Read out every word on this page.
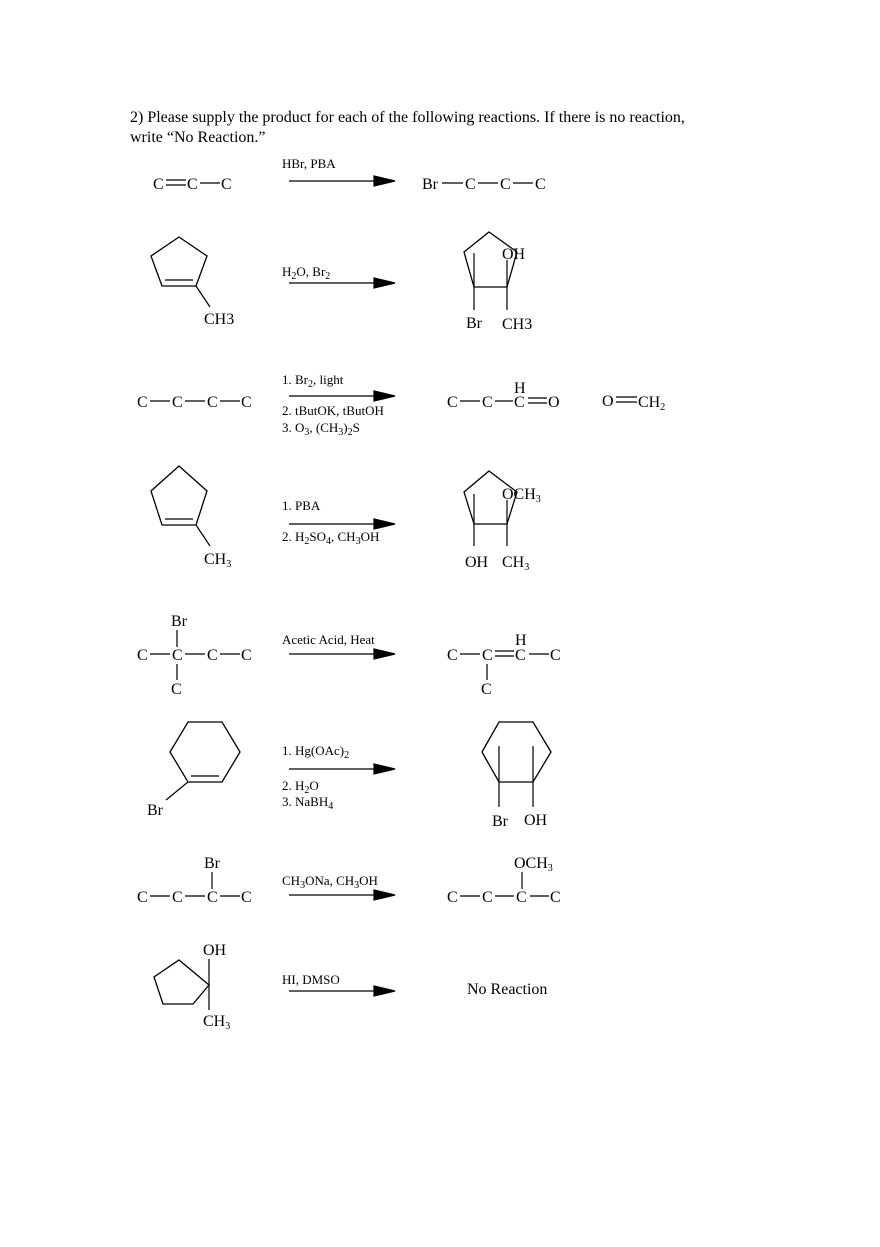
2) Please supply the product for each of the following reactions. If there is no reaction,
write “No Reaction.”
C C C
HBr, PBA
Br C C C
CH3
$H_2O$, $Br_2$
OH
Br CH3
C C C C
1. $Br_2$, light
2. tButOK, tButOH
3. $O_3$, $(CH_3)_2S$
C C
H
C O	O CH2
CH3
1. PBA
2. $H_2SO_4$, $CH_3OH$
OCH3
OH CH3
Br
C C C C
C
Acetic Acid, Heat
C C
H
C C
C
Br
1. $Hg(OAc)_2$
2. $H_2O$
3. NaBH$_4$
Br OH
Br
C C C C
$CH_3ONa$, $CH_3OH$
OCH3
C C C C
OH
CH3
HI, DMSO
No Reaction
